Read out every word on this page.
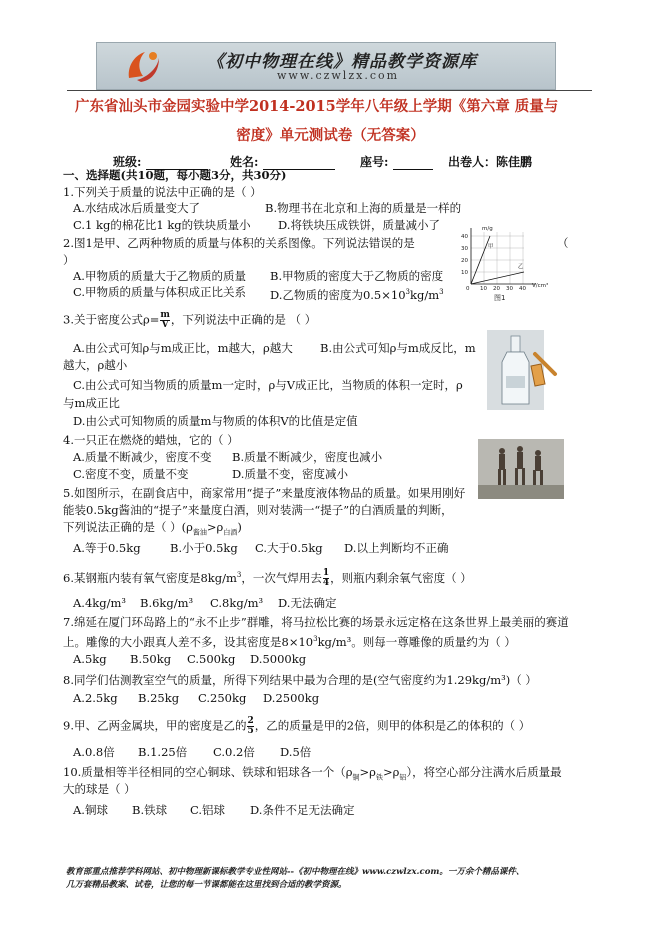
《初中物理在线》精品教学资源库
www.czwlzx.com
广东省汕头市金园实验中学2014-2015学年八年级上学期《第六章 质量与
密度》单元测试卷（无答案）
班级:	姓名:	座号:	出卷人：陈佳鹏
一、选择题(共10题，每小题3分，共30分)
1.下列关于质量的说法中正确的是（ ）
A.水结成冰后质量变大了	B.物理书在北京和上海的质量是一样的
C.1 kg的棉花比1 kg的铁块质量小 D.将铁块压成铁饼，质量减小了
2.图1是甲、乙两种物质的质量与体积的关系图像。下列说法错误的是	（
）
A.甲物质的质量大于乙物质的质量 B.甲物质的密度大于乙物质的密度
C.甲物质的质量与体积成正比关系 D.乙物质的密度为$0.5\times 10^3kg/m^3$
m/g
40
30
20
10
0 10 20 30 40 V/cm³
甲
乙
图1
3.关于密度公式$\rho= \frac{m}{V}$ ，下列说法中正确的是 （ ）
A.由公式可知ρ与m成正比，m越大，ρ越大 B.由公式可知ρ与m成反比，m
越大，ρ越小
C.由公式可知当物质的质量m一定时，ρ与V成正比，当物质的体积一定时，ρ
与m成正比
D.由公式可知物质的质量m与物质的体积V的比值是定值
4.一只正在燃烧的蜡烛，它的（ ）
A.质量不断减少，密度不变 B.质量不断减少，密度也减小
C.密度不变，质量不变	D.质量不变，密度减小
5.如图所示，在副食店中，商家常用“提子”来量度液体物品的质量。如果用刚好
能装0.5kg酱油的“提子”来量度白酒，则对装满一“提子”的白酒质量的判断，
下列说法正确的是（ ）$(\rho_{酱油}>\rho_{白酒})$
A.等于0.5kg	B.小于0.5kg C.大于0.5kg D.以上判断均不正确
6.某钢瓶内装有氧气密度是$8kg/m^3$，一次气焊用去 $\frac{1}{4}$ ，则瓶内剩余氧气密度（ ）
A.4kg/m³ B.6kg/m³ C.8kg/m³ D.无法确定
7.绵延在厦门环岛路上的“永不止步”群雕，将马拉松比赛的场景永远定格在这条世界上最美丽的赛道
上。雕像的大小跟真人差不多，设其密度是$8\times 10^3kg/m^3$。则每一尊雕像的质量约为（ ）
A.5kg B.50kg C.500kg D.5000kg
8.同学们估测教室空气的质量，所得下列结果中最为合理的是(空气密度约为1.29kg/m³)（ ）
A.2.5kg B.25kg C.250kg D.2500kg
9.甲、乙两金属块，甲的密度是乙的 $\frac{2}{5}$ ，乙的质量是甲的2倍，则甲的体积是乙的体积的（ ）
A.0.8倍 B.1.25倍 C.0.2倍 D.5倍
10.质量相等半径相同的空心铜球、铁球和铝球各一个$(\rho_铜>\rho_铁>\rho_铝)$，将空心部分注满水后质量最
大的球是（ ）
A.铜球 B.铁球 C.铝球 D.条件不足无法确定
教育部重点推荐学科网站、初中物理新课标教学专业性网站--《初中物理在线》www.czwlzx.com。一万余个精品课件、
几万套精品教案、试卷，让您的每一节课都能在这里找到合适的教学资源。
